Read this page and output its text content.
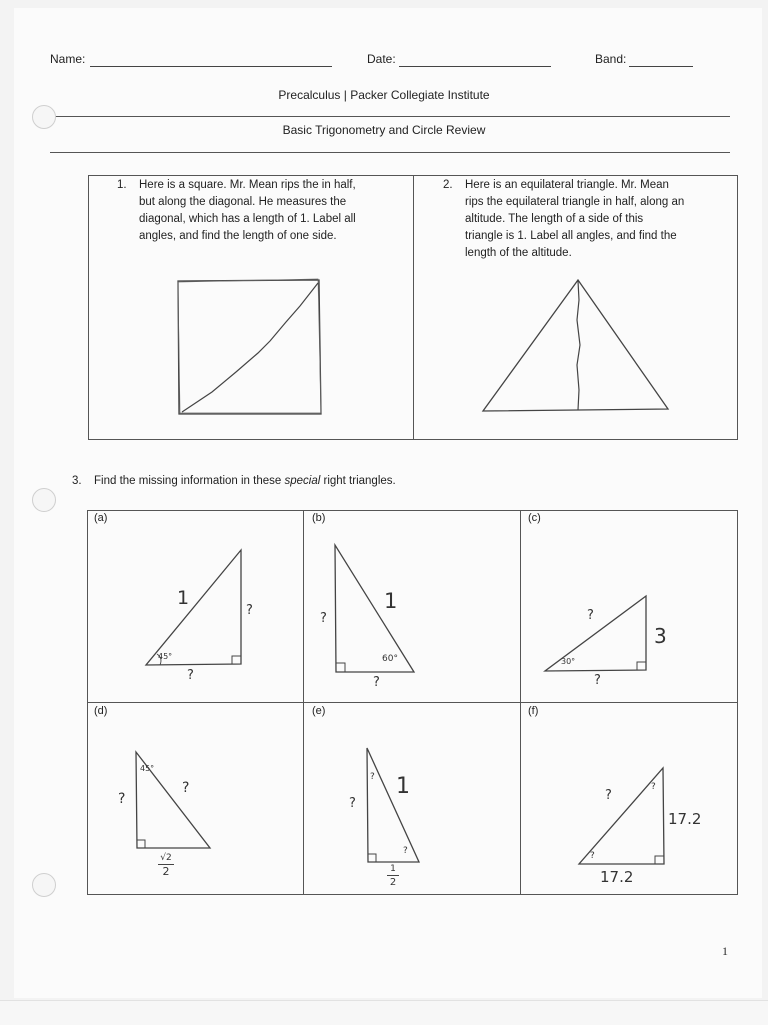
Name:	Date:	Band:
Precalculus | Packer Collegiate Institute
Basic Trigonometry and Circle Review
1. Here is a square. Mr. Mean rips the in half,
but along the diagonal. He measures the
diagonal, which has a length of 1. Label all
angles, and find the length of one side.
2. Here is an equilateral triangle. Mr. Mean
rips the equilateral triangle in half, along an
altitude. The length of a side of this
triangle is 1. Label all angles, and find the
length of the altitude.
3. Find the missing information in these special right triangles.
(a)	(b)	(c)
(d)	(e)	(f)
1
?
?
45°
1
?
?
60°
?
3
?
30°
?
?
45°
√2
2
1
?
?
?
1
2
?
17.2
17.2
?
?
1
